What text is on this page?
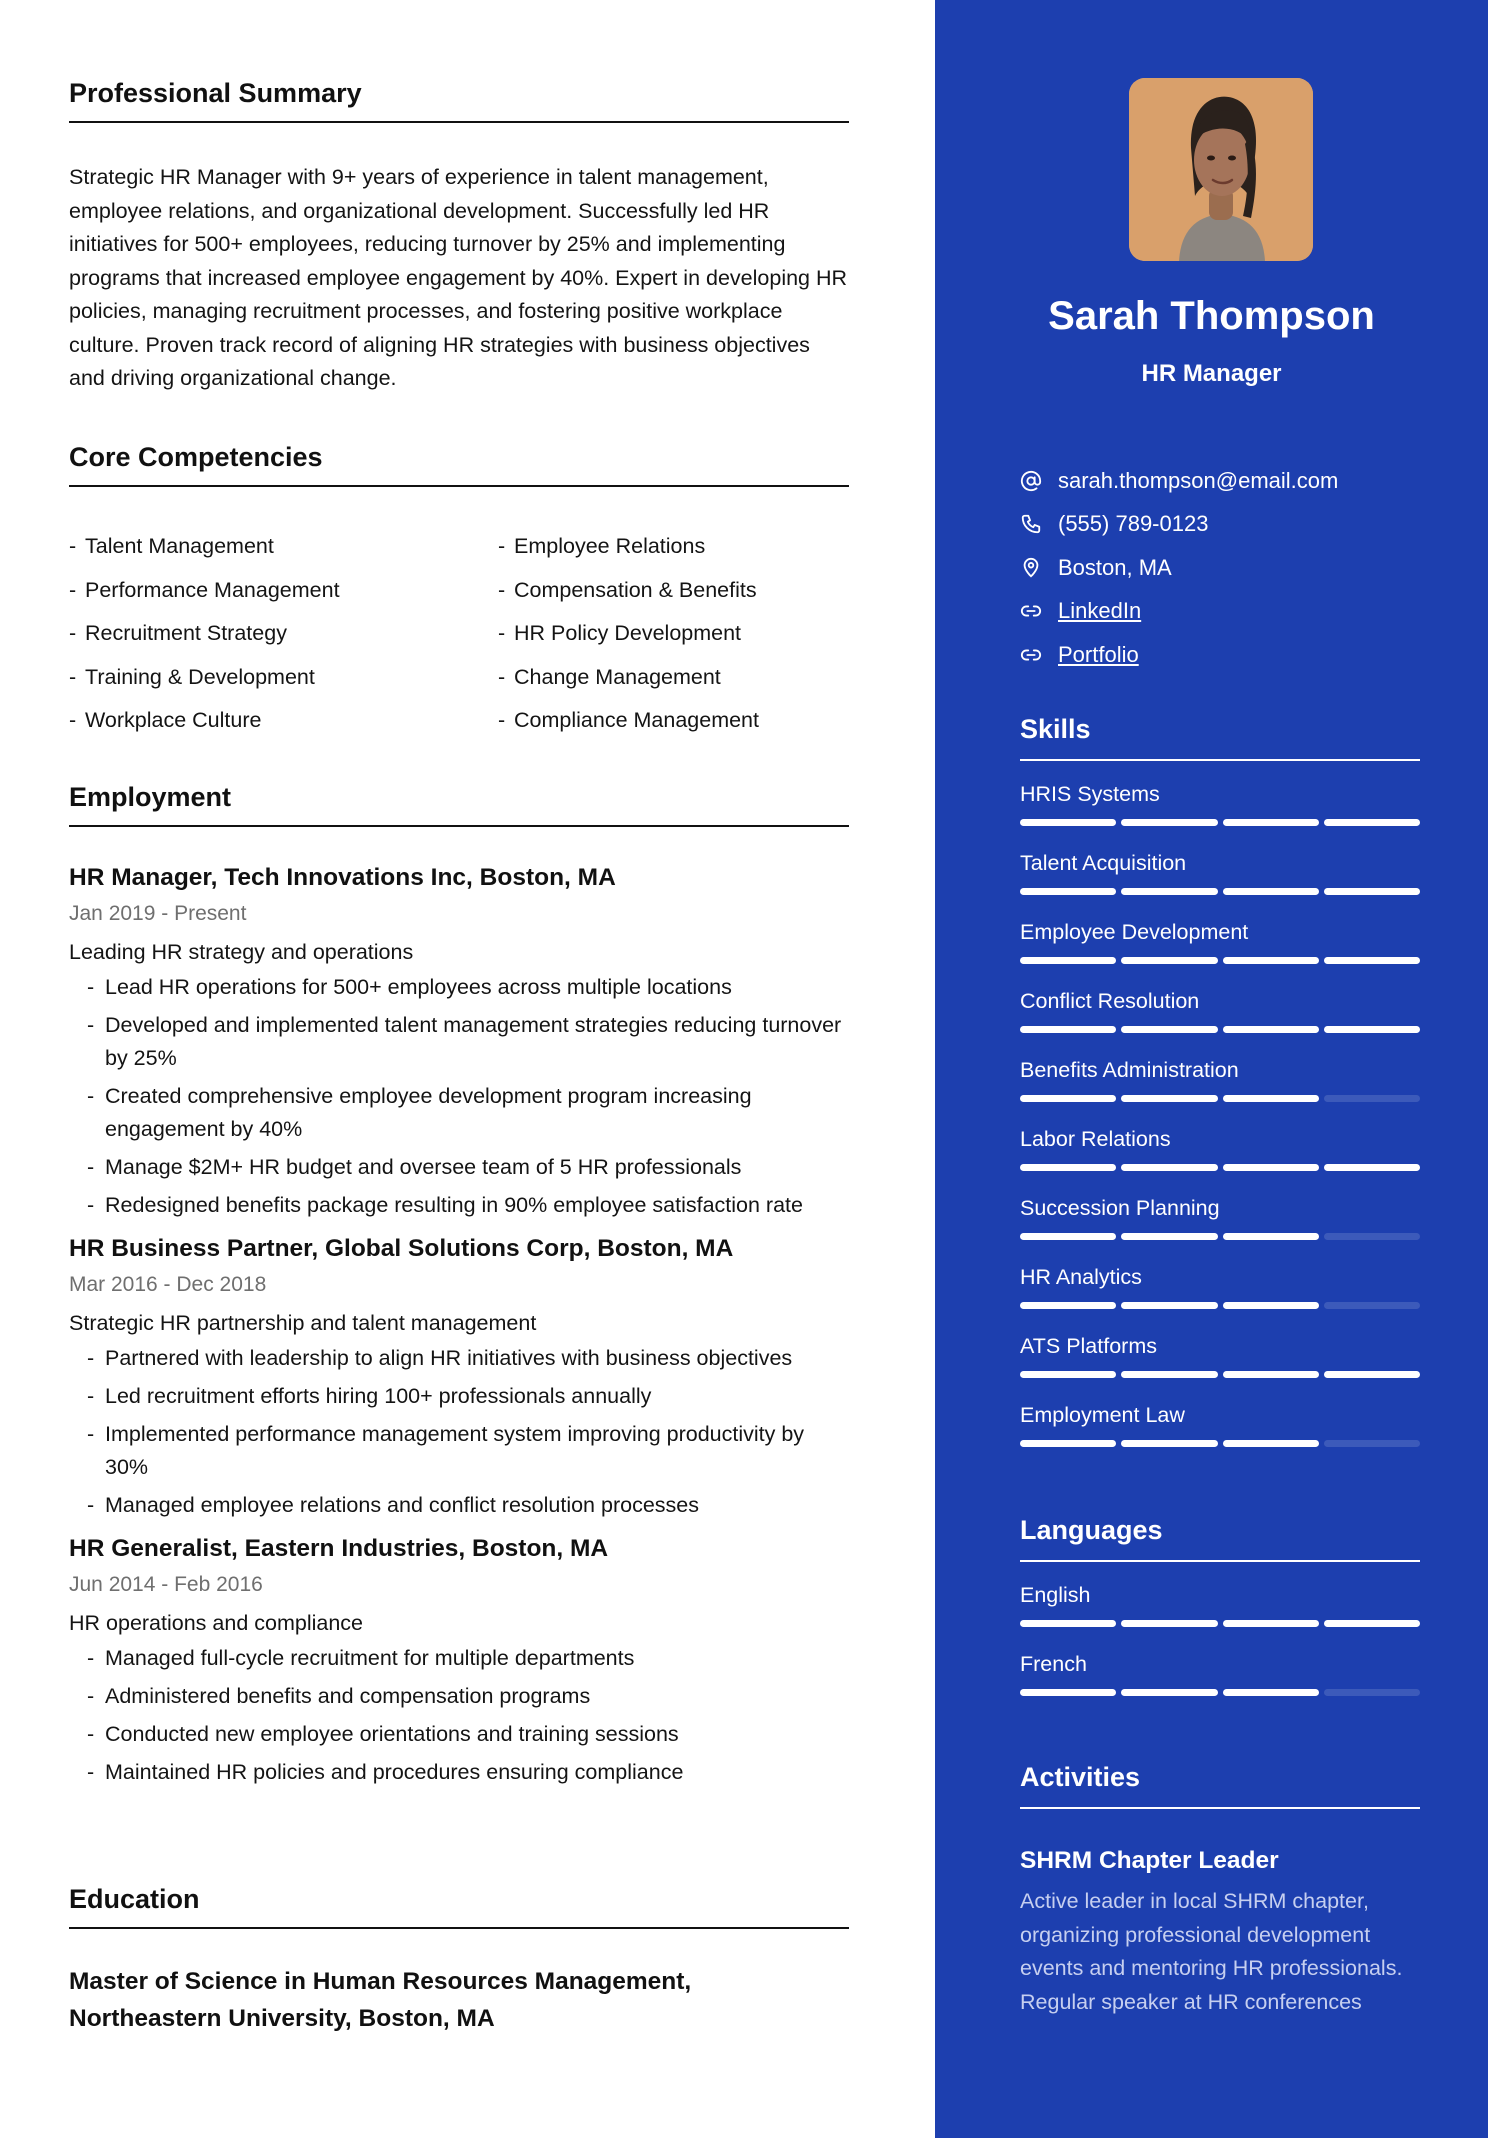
Professional Summary

Strategic HR Manager with 9+ years of experience in talent management, employee relations, and organizational development. Successfully led HR initiatives for 500+ employees, reducing turnover by 25% and implementing programs that increased employee engagement by 40%. Expert in developing HR policies, managing recruitment processes, and fostering positive workplace culture. Proven track record of aligning HR strategies with business objectives and driving organizational change.

Core Competencies
- Talent Management	- Employee Relations
- Performance Management	- Compensation & Benefits
- Recruitment Strategy	- HR Policy Development
- Training & Development	- Change Management
- Workplace Culture	- Compliance Management
Employment
HR Manager, Tech Innovations Inc, Boston, MA
Jan 2019 - Present
Leading HR strategy and operations
- Lead HR operations for 500+ employees across multiple locations
- Developed and implemented talent management strategies reducing turnover by 25%
- Created comprehensive employee development program increasing engagement by 40%
- Manage $2M+ HR budget and oversee team of 5 HR professionals
- Redesigned benefits package resulting in 90% employee satisfaction rate
HR Business Partner, Global Solutions Corp, Boston, MA
Mar 2016 - Dec 2018
Strategic HR partnership and talent management
- Partnered with leadership to align HR initiatives with business objectives
- Led recruitment efforts hiring 100+ professionals annually
- Implemented performance management system improving productivity by 30%
- Managed employee relations and conflict resolution processes
HR Generalist, Eastern Industries, Boston, MA
Jun 2014 - Feb 2016
HR operations and compliance
- Managed full-cycle recruitment for multiple departments
- Administered benefits and compensation programs
- Conducted new employee orientations and training sessions
- Maintained HR policies and procedures ensuring compliance
Education
Master of Science in Human Resources Management, Northeastern University, Boston, MA
Sarah Thompson
HR Manager
sarah.thompson@email.com
(555) 789-0123
Boston, MA
LinkedIn
Portfolio
Skills
HRIS Systems
Talent Acquisition
Employee Development
Conflict Resolution
Benefits Administration
Labor Relations
Succession Planning
HR Analytics
ATS Platforms
Employment Law
Languages
English
French
Activities
SHRM Chapter Leader
Active leader in local SHRM chapter, organizing professional development events and mentoring HR professionals. Regular speaker at HR conferences
